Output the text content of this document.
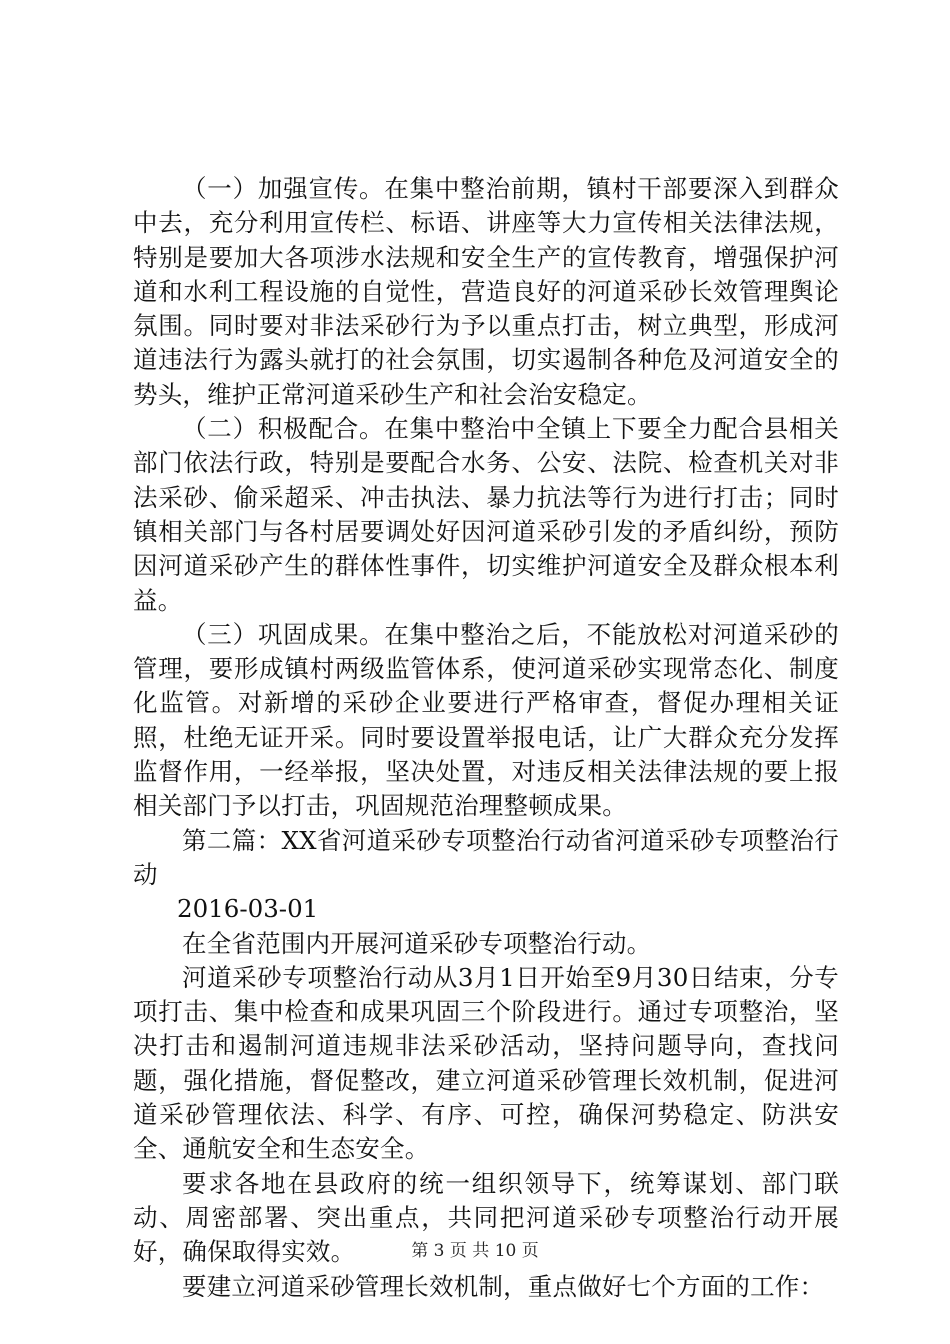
（一）加强宣传。在集中整治前期，镇村干部要深入到群众中去，充分利用宣传栏、标语、讲座等大力宣传相关法律法规，特别是要加大各项涉水法规和安全生产的宣传教育，增强保护河道和水利工程设施的自觉性，营造良好的河道采砂长效管理舆论氛围。同时要对非法采砂行为予以重点打击，树立典型，形成河道违法行为露头就打的社会氛围，切实遏制各种危及河道安全的势头，维护正常河道采砂生产和社会治安稳定。

（二）积极配合。在集中整治中全镇上下要全力配合县相关部门依法行政，特别是要配合水务、公安、法院、检查机关对非法采砂、偷采超采、冲击执法、暴力抗法等行为进行打击；同时镇相关部门与各村居要调处好因河道采砂引发的矛盾纠纷，预防因河道采砂产生的群体性事件，切实维护河道安全及群众根本利益。

（三）巩固成果。在集中整治之后，不能放松对河道采砂的管理，要形成镇村两级监管体系，使河道采砂实现常态化、制度化监管。对新增的采砂企业要进行严格审查，督促办理相关证照，杜绝无证开采。同时要设置举报电话，让广大群众充分发挥监督作用，一经举报，坚决处置，对违反相关法律法规的要上报相关部门予以打击，巩固规范治理整顿成果。

第二篇：XX省河道采砂专项整治行动省河道采砂专项整治行动

2016-03-01

在全省范围内开展河道采砂专项整治行动。

河道采砂专项整治行动从3月1日开始至9月30日结束，分专项打击、集中检查和成果巩固三个阶段进行。通过专项整治，坚决打击和遏制河道违规非法采砂活动，坚持问题导向，查找问题，强化措施，督促整改，建立河道采砂管理长效机制，促进河道采砂管理依法、科学、有序、可控，确保河势稳定、防洪安全、通航安全和生态安全。

要求各地在县政府的统一组织领导下，统筹谋划、部门联动、周密部署、突出重点，共同把河道采砂专项整治行动开展好，确保取得实效。

要建立河道采砂管理长效机制，重点做好七个方面的工作：

第 3 页 共 10 页
